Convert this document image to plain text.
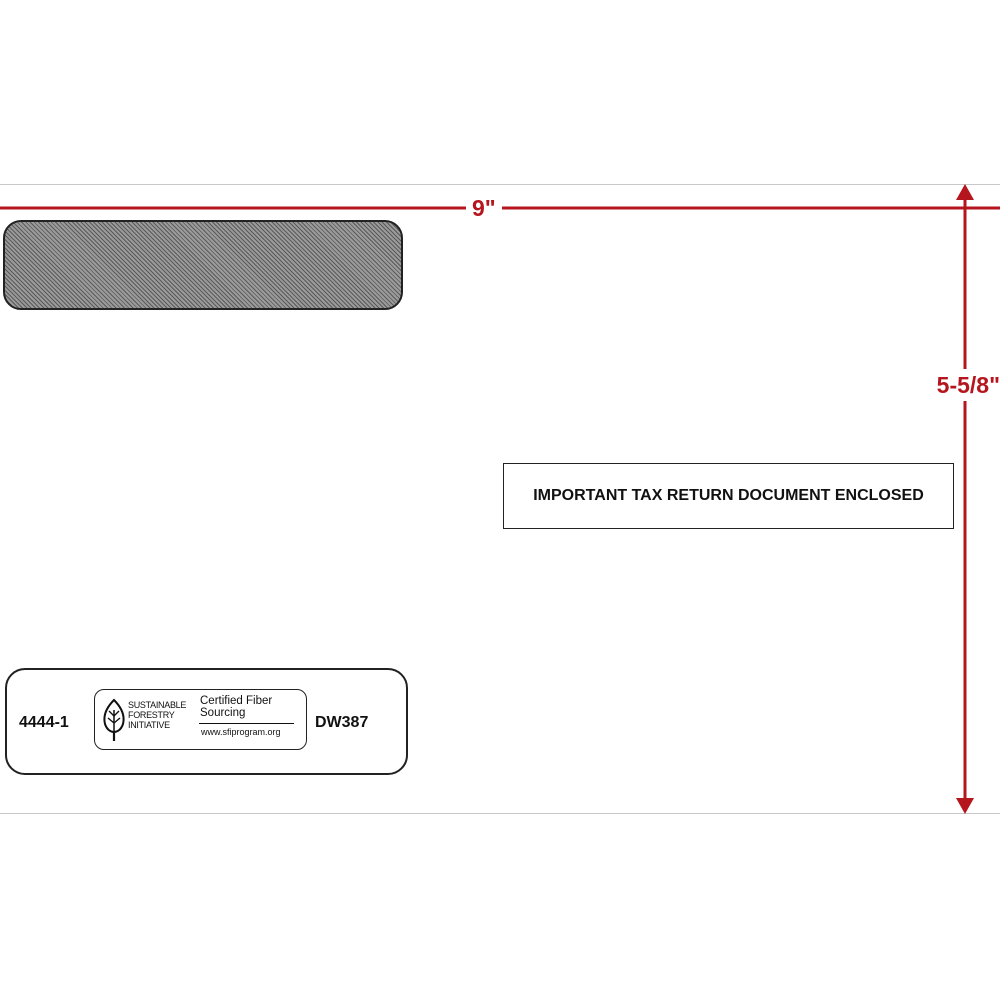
9"
5-5/8"
IMPORTANT TAX RETURN DOCUMENT ENCLOSED
4444-1
SUSTAINABLE
FORESTRY
INITIATIVE
Certified Fiber
Sourcing
www.sfiprogram.org
DW387
